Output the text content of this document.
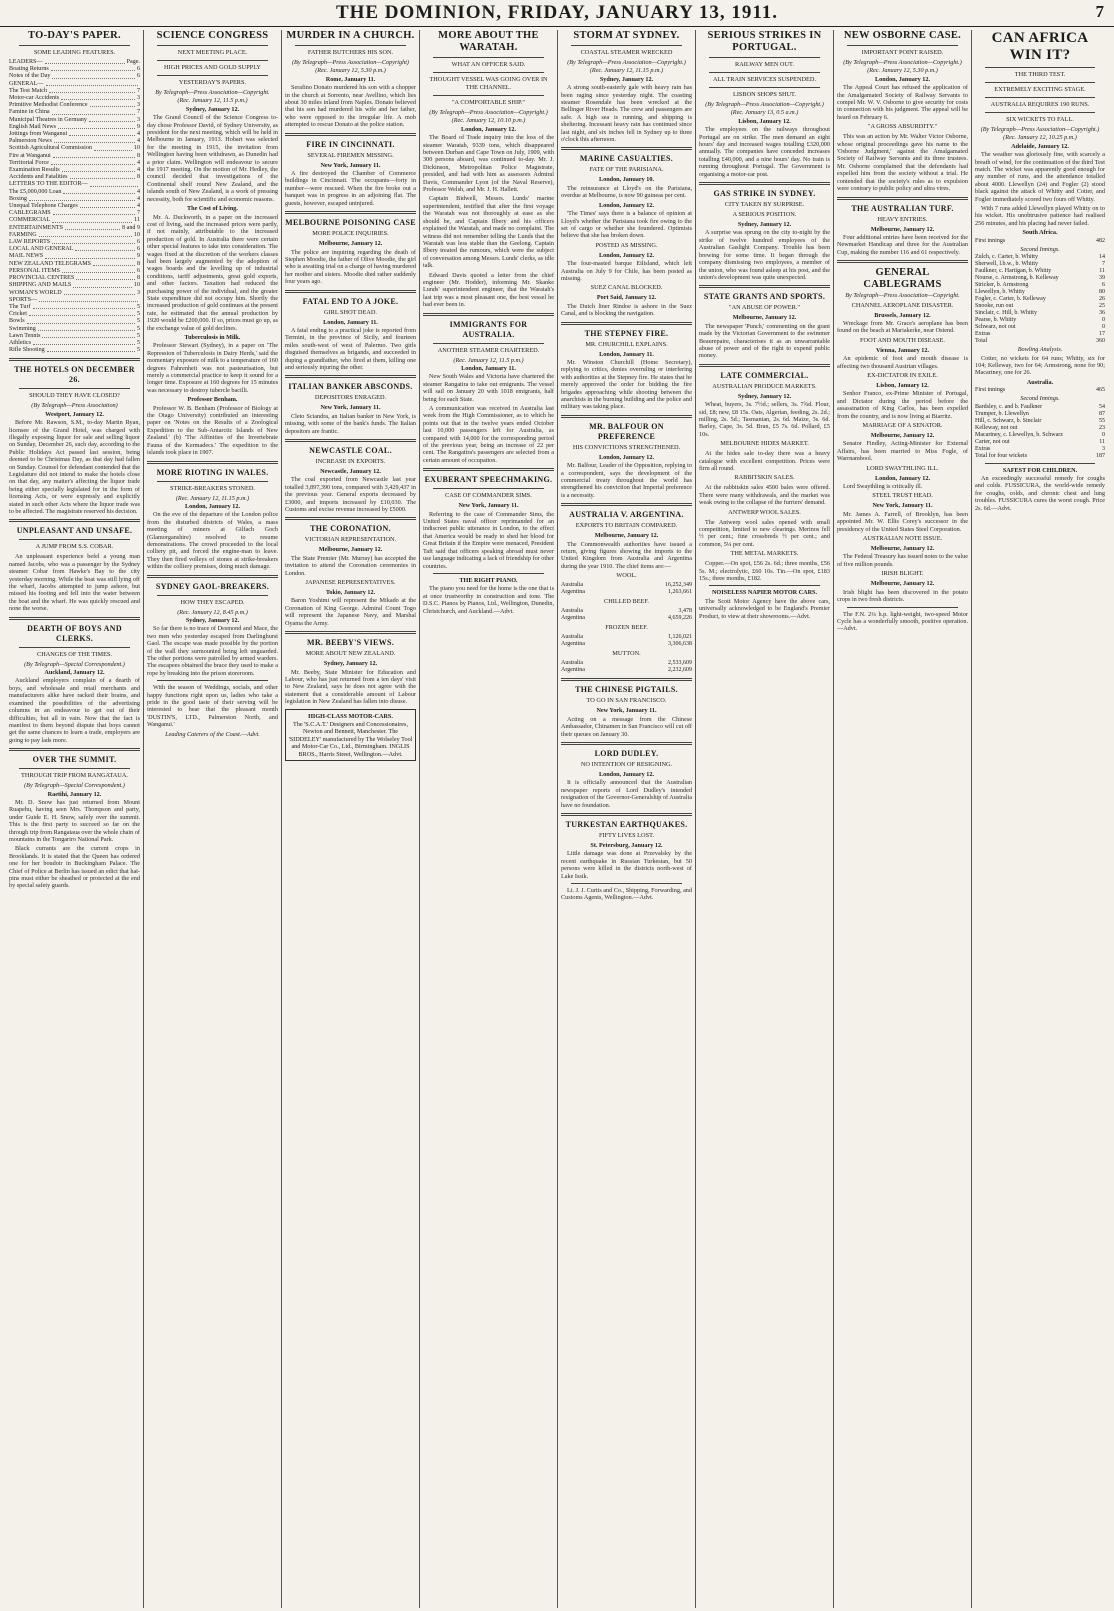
THE DOMINION, FRIDAY, JANUARY 13, 1911.	7
TO-DAY'S PAPER.
SOME LEADING FEATURES.
LEADERS—	Page.
Boating Returns	6
Notes of the Day	6
GENERAL—
The Test Match	7
Motor-car Accidents	3
Primitive Methodist Conference	3
Famine in China	7
Municipal Theatres in Germany	3
English Mail News	9
Jottings from Wanganui	4
Palmerston News	4
Scottish Agricultural Commission	10
Fire at Wanganui	8
Territorial Force	4
Examination Results	4
Accidents and Fatalities	8
LETTERS TO THE EDITOR—
The £5,000,000 Loan	4
Boxing	4
Unequal Telephone Charges	4
CABLEGRAMS	7
COMMERCIAL	11
ENTERTAINMENTS	8 and 9
FARMING	10
LAW REPORTS	6
LOCAL AND GENERAL	6
MAIL NEWS	9
NEW ZEALAND TELEGRAMS	8
PERSONAL ITEMS	6
PROVINCIAL CENTRES	8
SHIPPING AND MAILS	10
WOMAN'S WORLD	3
SPORTS—
The Turf	5
Cricket	5
Bowls	5
Swimming	5
Lawn Tennis	5
Athletics	5
Rifle Shooting	5
THE HOTELS ON DECEMBER 26.
SHOULD THEY HAVE CLOSED?
(By Telegraph—Press Association)
Westport, January 12.

Before Mr. Rawson, S.M., to-day Martin Ryan, licensee of the Grand Hotel, was charged with illegally exposing liquor for sale and selling liquor on Sunday, December 26, such day, according to the Public Holidays Act passed last session, being deemed to be Christmas Day, as that day had fallen on Sunday. Counsel for defendant contended that the Legislature did not intend to make the hotels close on that day, any matter's affecting the liquor trade being either specially legislated for in the form of licensing Acts, or were expressly and explicitly stated in such other Acts where the liquor trade was to be affected. The magistrate reserved his decision.

UNPLEASANT AND UNSAFE.
A JUMP FROM S.S. COBAR.

An unpleasant experience befel a young man named Jacobs, who was a passenger by the Sydney steamer Cobar from Hawke's Bay to the city yesterday morning. While the boat was still lying off the wharf, Jacobs attempted to jump ashore, but missed his footing and fell into the water between the boat and the wharf. He was quickly rescued and none the worse.

DEARTH OF BOYS AND CLERKS.
CHANGES OF THE TIMES.
(By Telegraph—Special Correspondent.)
Auckland, January 12.

Auckland employers complain of a dearth of boys, and wholesale and retail merchants and manufacturers alike have racked their brains, and examined the possibilities of the advertising columns in an endeavour to get out of their difficulties, but all in vain. Now that the fact is manifest to them beyond dispute that boys cannot get the same chances to learn a trade, employers are going to pay lads more.

OVER THE SUMMIT.
THROUGH TRIP FROM RANGATAUA.
(By Telegraph—Special Correspondent.)
Raetihi, January 12.

Mr. D. Snow has just returned from Mount Ruapehu, having seen Mrs. Thompson and party, under Guide E. H. Snow, safely over the summit. This is the first party to succeed so far on the through trip from Rangataua over the whole chain of mountains in the Tongariro National Park.

Black currants are the current crops in Brooklands. It is stated that the Queen has ordered one for her boudoir in Buckingham Palace. The Chief of Police at Berlin has issued an edict that hat-pins must either be sheathed or protected at the end by special safety guards.

SCIENCE CONGRESS
NEXT MEETING PLACE.
HIGH PRICES AND GOLD SUPPLY
YESTERDAY'S PAPERS.
By Telegraph—Press Association—Copyright.
(Rec. January 12, 11.5 p.m.)
Sydney, January 12.

The Grand Council of the Science Congress to-day chose Professor David, of Sydney University, as president for the next meeting, which will be held in Melbourne in January, 1913. Hobart was selected for the meeting in 1915, the invitation from Wellington having been withdrawn, as Dunedin had a prior claim. Wellington will endeavour to secure the 1917 meeting. On the motion of Mr. Hedley, the council decided that investigations of the Continental shelf round New Zealand, and the islands south of New Zealand, is a work of pressing necessity, both for scientific and economic reasons.

The Cost of Living.

Mr. A. Duckworth, in a paper on the increased cost of living, said the increased prices were partly, if not mainly, attributable to the increased production of gold. In Australia there were certain other special features to take into consideration. The wages fixed at the discretion of the workers classes had been largely augmented by the adoption of wages boards and the levelling up of industrial conditions, tariff adjustments, great gold exports, and other factors. Taxation had reduced the purchasing power of the individual, and the greater State expenditure did not occupy him. Shortly the increased production of gold continues at the present rate, he estimated that the annual production by 1920 would be £200,000. If so, prices must go up, as the exchange value of gold declines.

Tuberculosis in Milk.

Professor Stewart (Sydney), in a paper on 'The Repression of Tuberculosis in Dairy Herds,' said the momentary exposure of milk to a temperature of 160 degrees Fahrenheit was not pasteurisation, but merely a commercial practice to keep it sound for a longer time. Exposure at 160 degrees for 15 minutes was necessary to destroy tubercle bacilli.

Professor Benham.

Professor W. B. Benham (Professor of Biology at the Otago University) contributed an interesting paper on 'Notes on the Results of a Zoological Expedition to the Sub-Antarctic Islands of New Zealand.' (b) 'The Affinities of the Invertebrate Fauna of the Kermadecs.' The expedition to the islands took place in 1907.

MORE RIOTING IN WALES.
STRIKE-BREAKERS STONED.
(Rec. January 12, 11.15 p.m.)
London, January 12.

On the eve of the departure of the London police from the disturbed districts of Wales, a mass meeting of miners at Gilfach Goch (Glamorganshire) resolved to resume demonstrations. The crowd proceeded to the local colliery pit, and forced the engine-man to leave. They then fired volleys of stones at strike-breakers within the colliery premises, doing much damage.

SYDNEY GAOL-BREAKERS.
HOW THEY ESCAPED.
(Rec. January 12, 8.45 p.m.)
Sydney, January 12.

So far there is no trace of Desmond and Mace, the two men who yesterday escaped from Darlinghurst Gaol. The escape was made possible by the portion of the wall they surmounted being left unguarded. The other portions were patrolled by armed warders. The escapees obtained the brace they used to make a rope by breaking into the prison storeroom.

With the season of Weddings, socials, and other happy functions right upon us, ladies who take a pride in the good taste of their serving will be interested to hear that the pleasant month 'DUSTIN'S, LTD., Palmerston North, and Wanganui.'

Leading Caterers of the Coast.—Advt.
MURDER IN A CHURCH.
FATHER BUTCHERS HIS SON.
(By Telegraph—Press Association—Copyright)
(Rec. January 12, 5.30 p.m.)
Rome, January 11.

Serafino Donato murdered his son with a chopper in the church at Sorrento, near Avellino, which lies about 30 miles inland from Naples. Donato believed that his son had murdered his wife and her father, who were opposed to the irregular life. A mob attempted to rescue Donato at the police station.

FIRE IN CINCINNATI.
SEVERAL FIREMEN MISSING.
New York, January 11.

A fire destroyed the Chamber of Commerce buildings in Cincinnati. The occupants—forty in number—were rescued. When the fire broke out a banquet was in progress in an adjoining flat. The guests, however, escaped uninjured.

MELBOURNE POISONING CASE
MORE POLICE INQUIRIES.
Melbourne, January 12.

The police are inquiring regarding the death of Stephen Moodie, the father of Olive Moodie, the girl who is awaiting trial on a charge of having murdered her mother and sisters. Moodie died rather suddenly four years ago.

FATAL END TO A JOKE.
GIRL SHOT DEAD.
London, January 11.

A fatal ending to a practical joke is reported from Termini, in the province of Sicily, and fourteen miles south-west of west of Palermo. Two girls disguised themselves as brigands, and succeeded in duping a grandfather, who fired at them, killing one and seriously injuring the other.

ITALIAN BANKER ABSCONDS.
DEPOSITORS ENRAGED.
New York, January 11.

Cleto Sciandra, an Italian banker in New York, is missing, with some of the bank's funds. The Italian depositors are frantic.

NEWCASTLE COAL.
INCREASE IN EXPORTS.
Newcastle, January 12.

The coal exported from Newcastle last year totalled 3,897,390 tons, compared with 3,429,437 in the previous year. General exports decreased by £3000, and imports increased by £10,030. The Customs and excise revenue increased by £5000.

THE CORONATION.
VICTORIAN REPRESENTATION.
Melbourne, January 12.

The State Premier (Mr. Murray) has accepted the invitation to attend the Coronation ceremonies in London.

JAPANESE REPRESENTATIVES.
Tokio, January 12.

Baron Yoshimi will represent the Mikado at the Coronation of King George. Admiral Count Togo will represent the Japanese Navy, and Marshal Oyama the Army.

MR. BEEBY'S VIEWS.
MORE ABOUT NEW ZEALAND.
Sydney, January 12.

Mr. Beeby, State Minister for Education and Labour, who has just returned from a ten days' visit to New Zealand, says he does not agree with the statement that a considerable amount of Labour legislation in New Zealand has fallen into disuse.

HIGH-CLASS MOTOR-CARS.
The 'S.C.A.T.' Designers and Concessionaires, Newton and Bennett, Manchester. The 'SIDDELEY' manufactured by The Wolseley Tool and Motor-Car Co., Ltd., Birmingham. INGLIS BROS., Harris Street, Wellington.—Advt.
MORE ABOUT THE WARATAH.
WHAT AN OFFICER SAID.
THOUGHT VESSEL WAS GOING OVER IN THE CHANNEL.
"A COMFORTABLE SHIP."
(By Telegraph—Press Association—Copyright.)
(Rec. January 12, 10.10 p.m.)
London, January 12.

The Board of Trade inquiry into the loss of the steamer Waratah, 9339 tons, which disappeared between Durban and Cape Town on July, 1909, with 300 persons aboard, was continued to-day. Mr. J. Dickinson, Metropolitan Police Magistrate, presided, and had with him as assessors Admiral Davis, Commander Lyon (of the Naval Reserve), Professor Welsh, and Mr. J. H. Hallett.

Captain Bidwell, Messrs. Lunds' marine superintendent, testified that after the first voyage the Waratah was not thoroughly at ease as she should be, and Captain Ilbery and his officers explained the Waratah, and made no complaint. The witness did not remember telling the Lunds that the Waratah was less stable than the Geelong. Captain Ilbery treated the rumours, which were the subject of conversation among Messrs. Lunds' clerks, as idle talk.

Edward Davis quoted a letter from the chief engineer (Mr. Hodder), informing Mr. Skanke Lunds' superintendent engineer, that the Waratah's last trip was a most pleasant one, the best vessel he had ever been in.

IMMIGRANTS FOR AUSTRALIA.
ANOTHER STEAMER CHARTERED.
(Rec. January 12, 11.5 p.m.)
London, January 11.

New South Wales and Victoria have chartered the steamer Rangatira to take out emigrants. The vessel will sail on January 20 with 1018 emigrants, half being for each State.

A communication was received in Australia last week from the High Commissioner, as to which he points out that in the twelve years ended October last 10,000 passengers left for Australia, as compared with 14,000 for the corresponding period of the previous year, being an increase of 22 per cent. The Rangatira's passengers are selected from a certain amount of occupation.

EXUBERANT SPEECHMAKING.
CASE OF COMMANDER SIMS.
New York, January 11.

Referring to the case of Commander Sims, the United States naval officer reprimanded for an indiscreet public utterance in London, to the effect that America would be ready to shed her blood for Great Britain if the Empire were menaced, President Taft said that officers speaking abroad must never use language indicating a lack of friendship for other countries.

THE RIGHT PIANO.

The piano you need for the home is the one that is at once trustworthy in construction and tone. The D.S.C. Pianos by Pianos, Ltd., Wellington, Dunedin, Christchurch, and Auckland.—Advt.

STORM AT SYDNEY.
COASTAL STEAMER WRECKED
(By Telegraph—Press Association—Copyright.)
(Rec. January 12, 11.15 p.m.)
Sydney, January 12.

A strong south-easterly gale with heavy rain has been raging since yesterday night. The coasting steamer Rosendale has been wrecked at the Bellinger River Heads. The crew and passengers are safe. A high sea is running, and shipping is sheltering. Incessant heavy rain has continued since last night, and six inches fell in Sydney up to three o'clock this afternoon.

MARINE CASUALTIES.
FATE OF THE PARISIANA.
London, January 10.

The reinsurance at Lloyd's on the Parisiana, overdue at Melbourne, is now 90 guineas per cent.

London, January 12.

'The Times' says there is a balance of opinion at Lloyd's whether the Parisiana took fire owing to the set of cargo or whether she foundered. Optimists believe that she has broken down.

POSTED AS MISSING.
London, January 12.

The four-masted barque Eilisland, which left Australia on July 9 for Chile, has been posted as missing.

SUEZ CANAL BLOCKED.
Port Said, January 12.

The Dutch liner Rindoe is ashore in the Suez Canal, and is blocking the navigation.

THE STEPNEY FIRE.
MR. CHURCHILL EXPLAINS.
London, January 11.

Mr. Winston Churchill (Home Secretary), replying to critics, denies overruling or interfering with authorities at the Stepney fire. He states that he merely approved the order for bidding the fire brigades approaching while shooting between the anarchists in the burning building and the police and military was taking place.

MR. BALFOUR ON PREFERENCE
HIS CONVICTIONS STRENGTHENED.
London, January 12.

Mr. Balfour, Leader of the Opposition, replying to a correspondent, says the development of the commercial treaty throughout the world has strengthened his conviction that Imperial preference is a necessity.

AUSTRALIA V. ARGENTINA.
EXPORTS TO BRITAIN COMPARED.
Melbourne, January 12.

The Commonwealth authorities have issued a return, giving figures showing the imports to the United Kingdom from Australia and Argentina during the year 1910. The chief items are:—

WOOL.
Australia	16,252,349
Argentina	1,263,661
CHILLED BEEF.
Australia	3,478
Argentina	4,659,226
FROZEN BEEF.
Australia	1,126,021
Argentina	3,306,638
MUTTON.
Australia	2,533,609
Argentina	2,232,609
THE CHINESE PIGTAILS.
TO GO IN SAN FRANCISCO.
New York, January 11.

Acting on a message from the Chinese Ambassador, Chinamen in San Francisco will cut off their queues on January 30.

LORD DUDLEY.
NO INTENTION OF RESIGNING.
London, January 12.

It is officially announced that the Australian newspaper reports of Lord Dudley's intended resignation of the Governor-Generalship of Australia have no foundation.

TURKESTAN EARTHQUAKES.
FIFTY LIVES LOST.
St. Petersburg, January 12.

Little damage was done at Przevalsky by the recent earthquake in Russian Turkestan, but 50 persons were killed in the districts north-west of Lake Issik.

Lt. J. J. Curtis and Co., Shipping, Forwarding, and Customs Agents, Wellington.—Advt.

SERIOUS STRIKES IN PORTUGAL.
RAILWAY MEN OUT.
ALL TRAIN SERVICES SUSPENDED.
LISBON SHOPS SHUT.
(By Telegraph—Press Association—Copyright.)
(Rec. January 13, 0.5 a.m.)
Lisbon, January 12.

The employees on the railways throughout Portugal are on strike. The men demand an eight hours' day and increased wages totalling £320,000 annually. The companies have conceded increases totalling £40,000, and a nine hours' day. No train is running throughout Portugal. The Government is organising a motor-car post.

GAS STRIKE IN SYDNEY.
CITY TAKEN BY SURPRISE.
A SERIOUS POSITION.
Sydney, January 12.

A surprise was sprung on the city to-night by the strike of twelve hundred employees of the Australian Gaslight Company. Trouble has been brewing for some time. It began through the company dismissing two employees, a member of the union, who was found asleep at his post, and the union's development was quite unexpected.

STATE GRANTS AND SPORTS.
"AN ABUSE OF POWER."
Melbourne, January 12.

The newspaper 'Punch,' commenting on the grant made by the Victorian Government to the swimmer Beaurepaire, characterises it as an unwarrantable abuse of power and of the right to expend public money.

LATE COMMERCIAL.
AUSTRALIAN PRODUCE MARKETS.
Sydney, January 12.

Wheat, buyers, 3s. 7½d.; sellers, 3s. 7¾d. Flour, sid, £8; new, £8 15s. Oats, Algerian, feeding, 2s. 2d.; milling, 2s. 5d.; Tasmanian, 2s. 6d. Maize, 3s. 6d. Barley, Cape, 3s. 5d. Bran, £5 7s. 6d. Pollard, £5 10s.

MELBOURNE HIDES MARKET.

At the hides sale to-day there was a heavy catalogue with excellent competition. Prices were firm all round.

RABBITSKIN SALES.

At the rabbitskin sales 4500 bales were offered. There were many withdrawals, and the market was weak owing to the collapse of the furriers' demand.

ANTWERP WOOL SALES.

The Antwerp wool sales opened with small competition, limited to new clearings. Merinos fell ½ per cent.; fine crossbreds ½ per cent.; and common, 5¼ per cent.

THE METAL MARKETS.

Copper.—On spot, £56 2s. 6d.; three months, £56 5s. M.; electrolytic, £60 10s. Tin.—On spot, £183 15s.; three months, £182.

NOISELESS NAPIER MOTOR CARS.

The Scott Motor Agency have the above cars, universally acknowledged to be England's Premier Product, to view at their showrooms.—Advt.

NEW OSBORNE CASE.
IMPORTANT POINT RAISED.
(By Telegraph—Press Association—Copyright.)
(Rec. January 12, 5.30 p.m.)
London, January 12.

The Appeal Court has refused the application of the Amalgamated Society of Railway Servants to compel Mr. W. V. Osborne to give security for costs in connection with his judgment. The appeal will be heard on February 6.

"A GROSS ABSURDITY."

This was an action by Mr. Walter Victor Osborne, whose original proceedings gave his name to the 'Osborne Judgment,' against the Amalgamated Society of Railway Servants and its three trustees. Mr. Osborne complained that the defendants had expelled him from the society without a trial. He contended that the society's rules as to expulsion were contrary to public policy and ultra vires.

THE AUSTRALIAN TURF.
HEAVY ENTRIES.
Melbourne, January 12.

Four additional entries have been received for the Newmarket Handicap and three for the Australian Cup, making the number 116 and 61 respectively.

GENERAL CABLEGRAMS
By Telegraph—Press Association—Copyright.
CHANNEL AEROPLANE DISASTER.
Brussels, January 12.

Wreckage from Mr. Grace's aeroplane has been found on the beach at Mariakerke, near Ostend.

FOOT AND MOUTH DISEASE.
Vienna, January 12.

An epidemic of foot and mouth disease is affecting two thousand Austrian villages.

EX-DICTATOR IN EXILE.
Lisbon, January 12.

Senhor Franco, ex-Prime Minister of Portugal, and Dictator during the period before the assassination of King Carlos, has been expelled from the country, and is now living at Biarritz.

MARRIAGE OF A SENATOR.
Melbourne, January 12.

Senator Findley, Acting-Minister for External Affairs, has been married to Miss Fogle, of Warrnambool.

LORD SWAYTHLING ILL.
London, January 12.

Lord Swaythling is critically ill.

STEEL TRUST HEAD.
New York, January 11.

Mr. James A. Farrell, of Brooklyn, has been appointed Mr. W. Ellis Corey's successor in the presidency of the United States Steel Corporation.

AUSTRALIAN NOTE ISSUE.
Melbourne, January 12.

The Federal Treasury has issued notes to the value of five million pounds.

IRISH BLIGHT.
Melbourne, January 12.

Irish blight has been discovered in the potato crops in two fresh districts.

The F.N. 2¼ h.p. light-weight, two-speed Motor Cycle has a wonderfully smooth, positive operation.—Advt.

CAN AFRICA WIN IT?
THE THIRD TEST.
EXTREMELY EXCITING STAGE.
AUSTRALIA REQUIRES 190 RUNS.
SIX WICKETS TO FALL.
(By Telegraph—Press Association—Copyright.)
(Rec. January 12, 10.25 p.m.)
Adelaide, January 12.

The weather was gloriously fine, with scarcely a breath of wind, for the continuation of the third Test match. The wicket was apparently good enough for any number of runs, and the attendance totalled about 4000. Llewellyn (24) and Fogler (2) stood black against the attack of Whitty and Cotter, and Fogler immediately scored two fours off Whitty.

With 7 runs added Llewellyn played Whitty on to his wicket. His unobtrusive patience had realised 256 minutes, and his placing had never failed.

South Africa.
First innings	482
Second Innings.
Zulch, c. Carter, b. Whitty	14
Sherwell, l.b.w., b. Whitty	7
Faulkner, c. Hartigan, b. Whitty	11
Nourse, c. Armstrong, b. Kelleway	39
Stricker, b. Armstrong	6
Llewellyn, b. Whitty	80
Fogler, c. Carter, b. Kelleway	26
Snooke, run out	25
Sinclair, c. Hill, b. Whitty	36
Pearse, b. Whitty	0
Schwarz, not out	0
Extras	17
Total	360
Bowling Analysis.

Cotter, no wickets for 64 runs; Whitty, six for 104; Kelleway, two for 64; Armstrong, none for 90; Macartney, one for 26.

Australia.
First innings	465
Second Innings.
Bardsley, c. and b. Faulkner	54
Trumper, b. Llewellyn	87
Hill, c. Schwarz, b. Sinclair	55
Kelleway, not out	23
Macartney, c. Llewellyn, b. Schwarz	0
Carter, not out	11
Extras	3
Total for four wickets	187
SAFEST FOR CHILDREN.

An exceedingly successful remedy for coughs and colds. FUSSICURA, the world-wide remedy for coughs, colds, and chronic chest and lung troubles. FUSSICURA cures the worst cough. Price 2s. 6d.—Advt.
